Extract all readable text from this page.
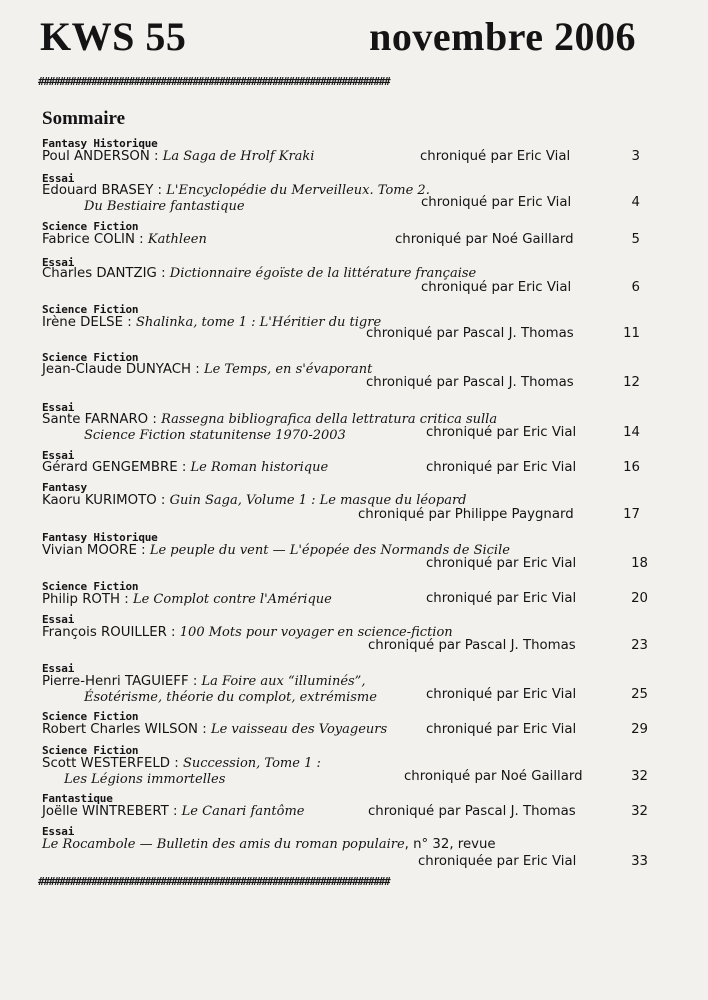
KWS 55	novembre 2006
##################################################################
Sommaire
Fantasy Historique
Poul ANDERSON : La Saga de Hrolf Kraki	chroniqué par Eric Vial	3
Essai
Edouard BRASEY : L'Encyclopédie du Merveilleux. Tome 2.
Du Bestiaire fantastique	chroniqué par Eric Vial	4
Science Fiction
Fabrice COLIN : Kathleen	chroniqué par Noé Gaillard	5
Essai
Charles DANTZIG : Dictionnaire égoïste de la littérature française
chroniqué par Eric Vial	6
Science Fiction
Irène DELSE : Shalinka, tome 1 : L'Héritier du tigre
chroniqué par Pascal J. Thomas	11
Science Fiction
Jean-Claude DUNYACH : Le Temps, en s'évaporant
chroniqué par Pascal J. Thomas	12
Essai
Sante FARNARO : Rassegna bibliografica della lettratura critica sulla
Science Fiction statunitense 1970-2003	chroniqué par Eric Vial	14
Essai
Gérard GENGEMBRE : Le Roman historique	chroniqué par Eric Vial	16
Fantasy
Kaoru KURIMOTO : Guin Saga, Volume 1 : Le masque du léopard
chroniqué par Philippe Paygnard	17
Fantasy Historique
Vivian MOORE : Le peuple du vent — L'épopée des Normands de Sicile
chroniqué par Eric Vial	18
Science Fiction
Philip ROTH : Le Complot contre l'Amérique	chroniqué par Eric Vial	20
Essai
François ROUILLER : 100 Mots pour voyager en science-fiction
chroniqué par Pascal J. Thomas	23
Essai
Pierre-Henri TAGUIEFF : La Foire aux “illuminés”,
Ésotérisme, théorie du complot, extrémisme	chroniqué par Eric Vial	25
Science Fiction
Robert Charles WILSON : Le vaisseau des Voyageurs	chroniqué par Eric Vial	29
Science Fiction
Scott WESTERFELD : Succession, Tome 1 :
Les Légions immortelles	chroniqué par Noé Gaillard	32
Fantastique
Joëlle WINTREBERT : Le Canari fantôme	chroniqué par Pascal J. Thomas	32
Essai
Le Rocambole — Bulletin des amis du roman populaire, n° 32, revue
chroniquée par Eric Vial	33
##################################################################
